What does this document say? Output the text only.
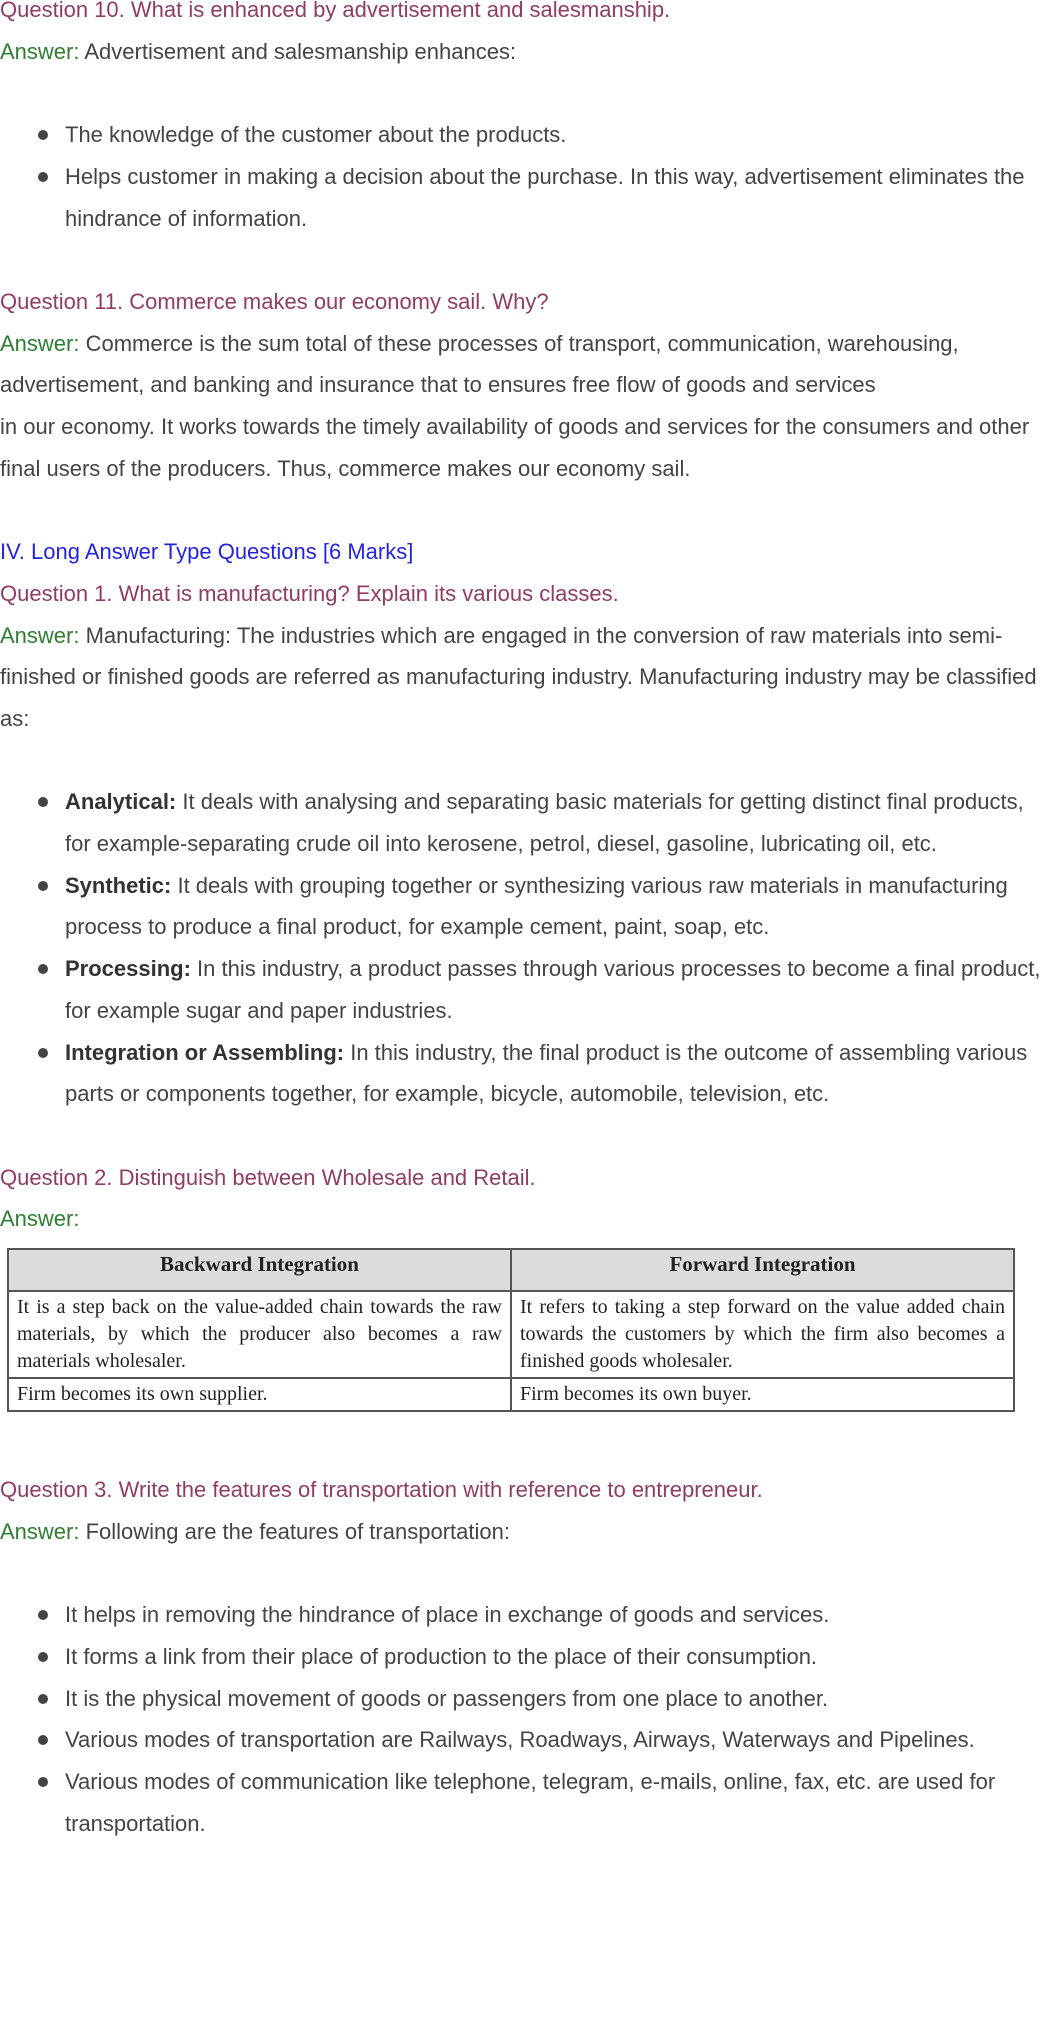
Question 10. What is enhanced by advertisement and salesmanship.

Answer: Advertisement and salesmanship enhances:

The knowledge of the customer about the products.
Helps customer in making a decision about the purchase. In this way, advertisement eliminates the hindrance of information.

Question 11. Commerce makes our economy sail. Why?

Answer: Commerce is the sum total of these processes of transport, communication, warehousing, advertisement, and banking and insurance that to ensures free flow of goods and services

in our economy. It works towards the timely availability of goods and services for the consumers and other final users of the producers. Thus, commerce makes our economy sail.

IV. Long Answer Type Questions [6 Marks]

Question 1. What is manufacturing? Explain its various classes.

Answer: Manufacturing: The industries which are engaged in the conversion of raw materials into semi-finished or finished goods are referred as manufacturing industry. Manufacturing industry may be classified as:

Analytical: It deals with analysing and separating basic materials for getting distinct final products, for example-separating crude oil into kerosene, petrol, diesel, gasoline, lubricating oil, etc.
Synthetic: It deals with grouping together or synthesizing various raw materials in manufacturing process to produce a final product, for example cement, paint, soap, etc.
Processing: In this industry, a product passes through various processes to become a final product, for example sugar and paper industries.
Integration or Assembling: In this industry, the final product is the outcome of assembling various parts or components together, for example, bicycle, automobile, television, etc.

Question 2. Distinguish between Wholesale and Retail.

Answer:

Backward Integration	Forward Integration
It is a step back on the value-added chain towards the raw materials, by which the producer also becomes a raw materials wholesaler.	It refers to taking a step forward on the value added chain towards the customers by which the firm also becomes a finished goods wholesaler.
Firm becomes its own supplier.	Firm becomes its own buyer.

Question 3. Write the features of transportation with reference to entrepreneur.

Answer: Following are the features of transportation:

It helps in removing the hindrance of place in exchange of goods and services.
It forms a link from their place of production to the place of their consumption.
It is the physical movement of goods or passengers from one place to another.
Various modes of transportation are Railways, Roadways, Airways, Waterways and Pipelines.
Various modes of communication like telephone, telegram, e-mails, online, fax, etc. are used for transportation.
